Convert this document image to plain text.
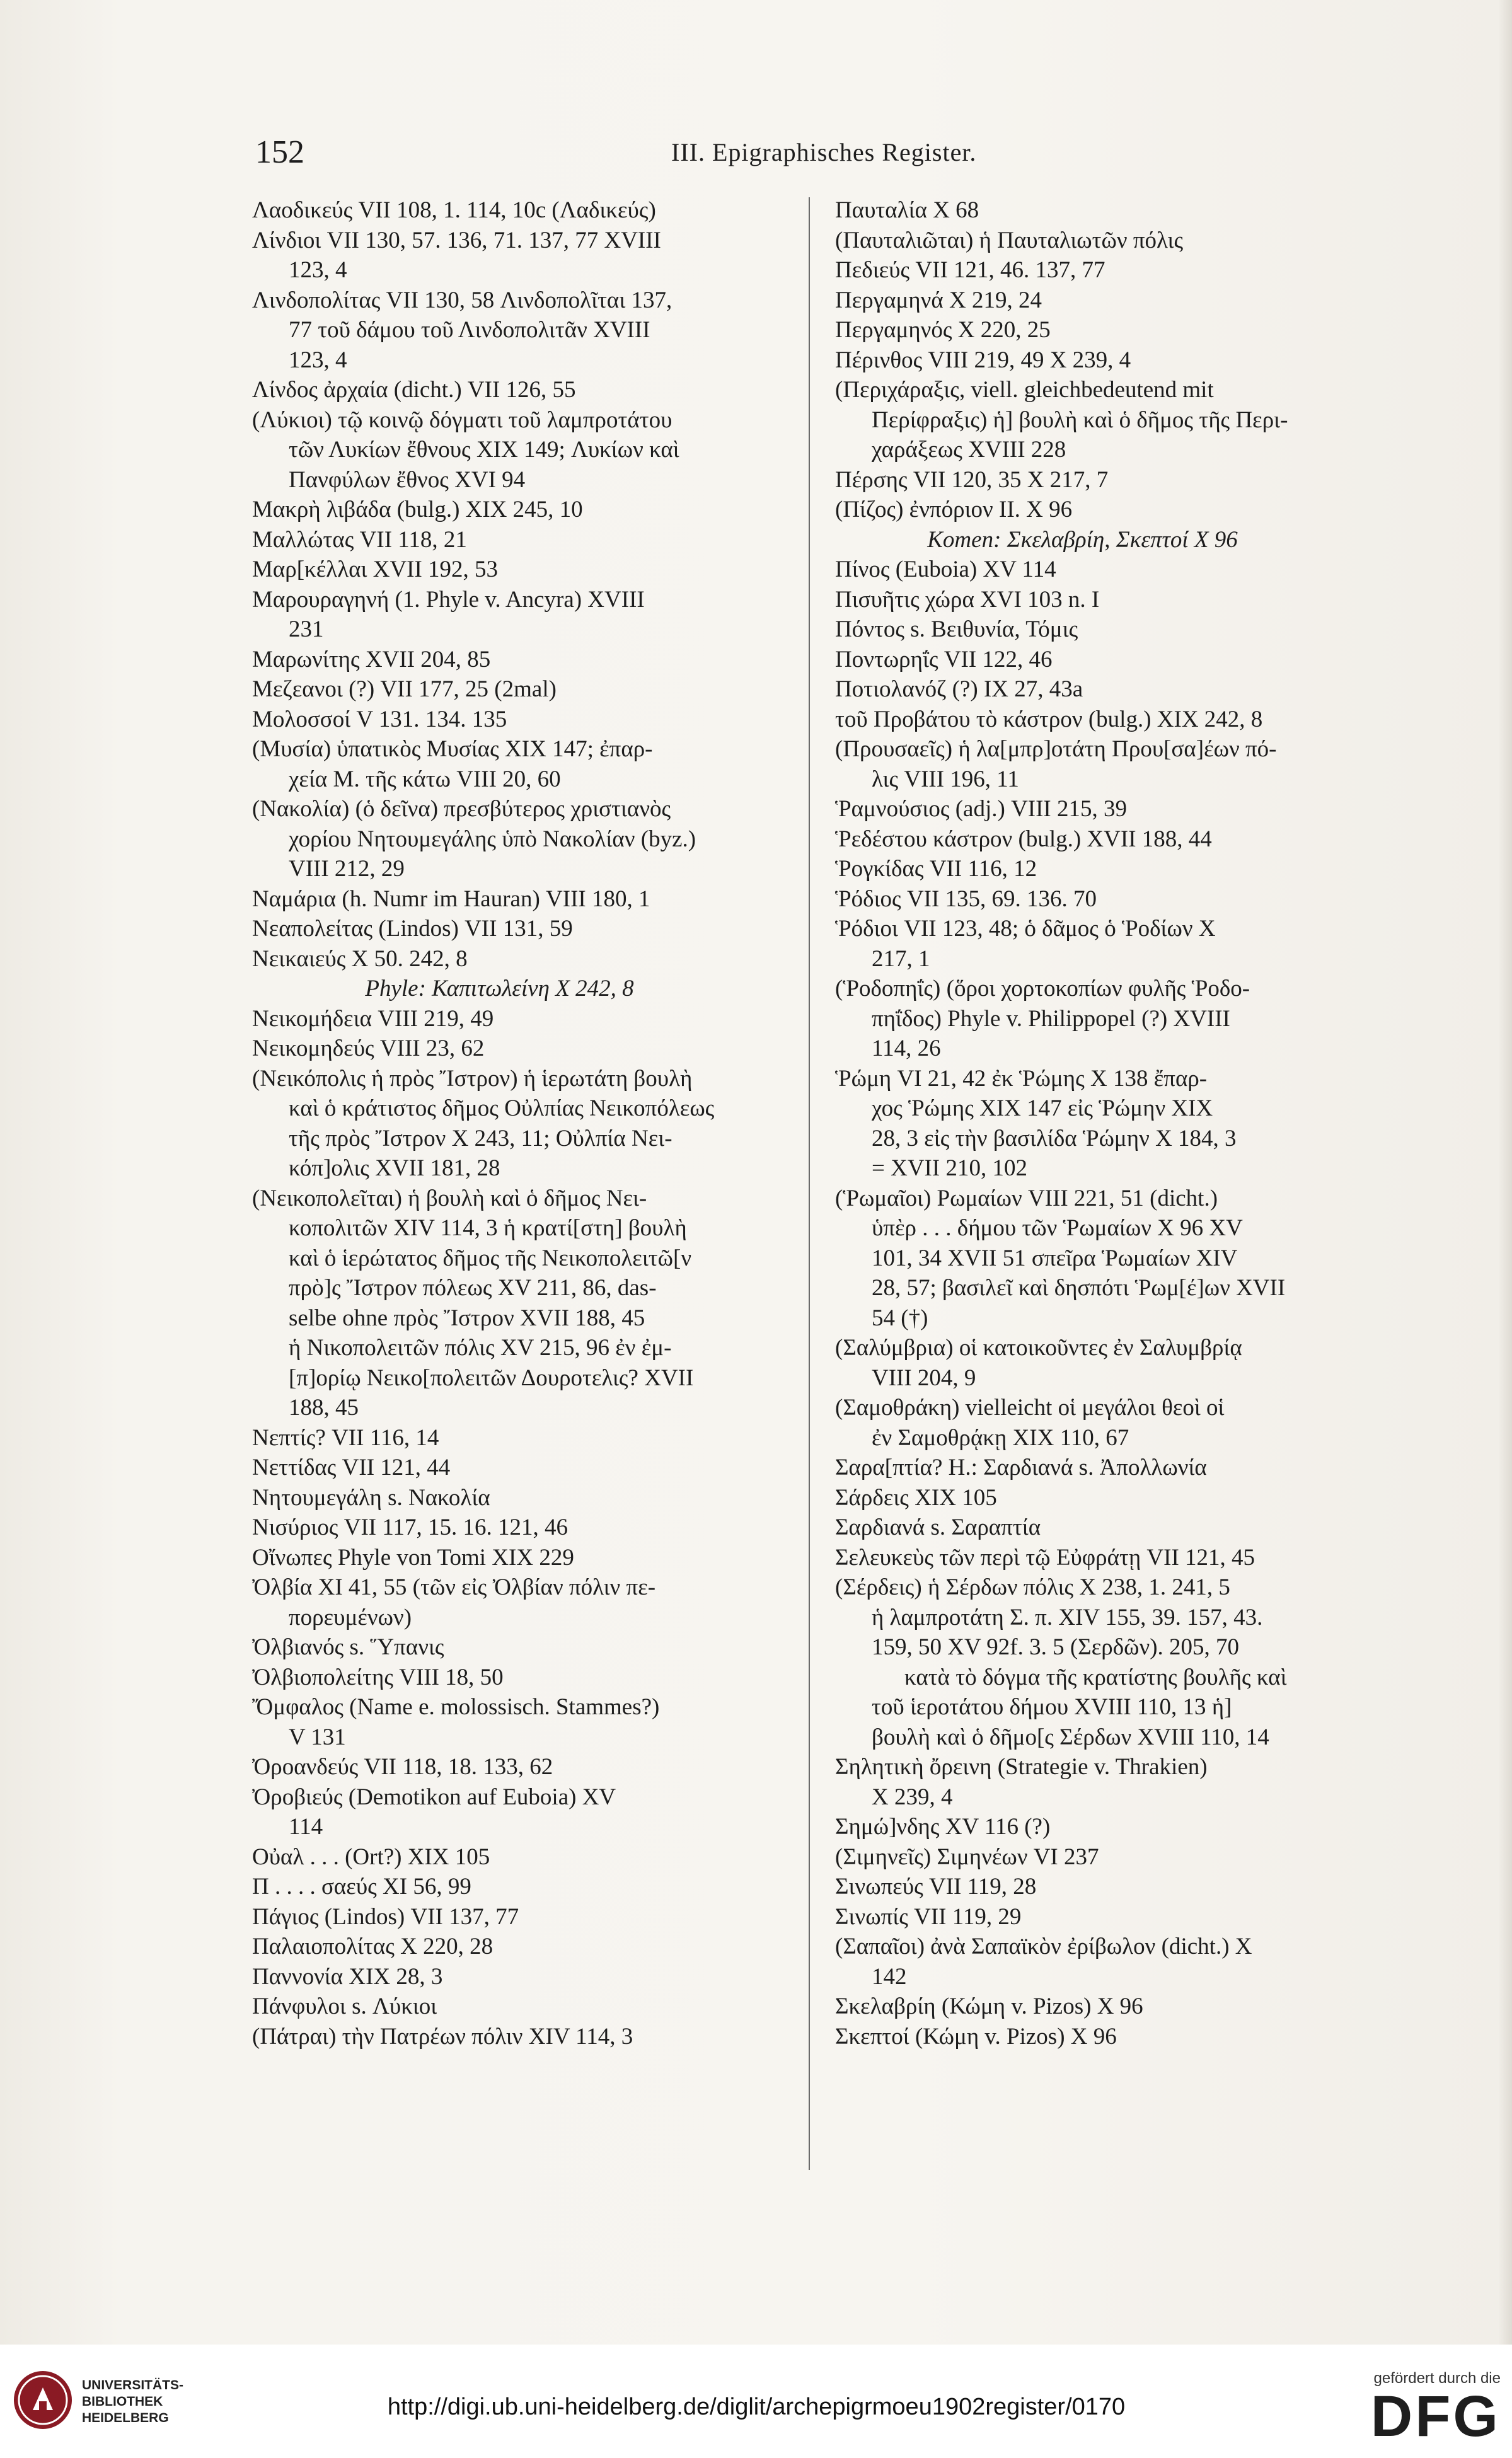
152	III. Epigraphisches Register.
Λαοδικεύς VII 108, 1. 114, 10c (Λαδικεύς)
Λίνδιοι VII 130, 57. 136, 71. 137, 77 XVIII
123, 4
Λινδοπολίτας VII 130, 58 Λινδοπολῖται 137,
77 τοῦ δάμου τοῦ Λινδοπολιτᾶν XVIII
123, 4
Λίνδος ἀρχαία (dicht.) VII 126, 55
(Λύκιοι) τῷ κοινῷ δόγματι τοῦ λαμπροτάτου
τῶν Λυκίων ἔθνους XIX 149; Λυκίων καὶ
Πανφύλων ἔθνος XVI 94
Μακρὴ λιβάδα (bulg.) XIX 245, 10
Μαλλώτας VII 118, 21
Μαρ[κέλλαι XVII 192, 53
Μαρουραγηνή (1. Phyle v. Ancyra) XVIII
231
Μαρωνίτης XVII 204, 85
Μεζεανοι (?) VII 177, 25 (2mal)
Μολοσσοί V 131. 134. 135
(Μυσία) ὑπατικὸς Μυσίας XIX 147; ἐπαρ-
χεία Μ. τῆς κάτω VIII 20, 60
(Νακολία) (ὁ δεῖνα) πρεσβύτερος χριστιανὸς
χορίου Νητουμεγάλης ὑπὸ Νακολίαν (byz.)
VIII 212, 29
Ναμάρια (h. Numr im Hauran) VIII 180, 1
Νεαπολείτας (Lindos) VII 131, 59
Νεικαιεύς X 50. 242, 8
Phyle: Καπιτωλείνη X 242, 8
Νεικομήδεια VIII 219, 49
Νεικομηδεύς VIII 23, 62
(Νεικόπολις ἡ πρὸς Ἴστρον) ἡ ἱερωτάτη βουλὴ
καὶ ὁ κράτιστος δῆμος Οὐλπίας Νεικοπόλεως
τῆς πρὸς Ἴστρον X 243, 11; Οὐλπία Νει-
κόπ]ολις XVII 181, 28
(Νεικοπολεῖται) ἡ βουλὴ καὶ ὁ δῆμος Νει-
κοπολιτῶν XIV 114, 3 ἡ κρατί[στη] βουλὴ
καὶ ὁ ἱερώτατος δῆμος τῆς Νεικοπολειτῶ[ν
πρὸ]ς Ἴστρον πόλεως XV 211, 86, das-
selbe ohne πρὸς Ἴστρον XVII 188, 45
ἡ Νικοπολειτῶν πόλις XV 215, 96 ἐν ἐμ-
[π]ορίῳ Νεικο[πολειτῶν Δουροτελις? XVII
188, 45
Νεπτίς? VII 116, 14
Νεττίδας VII 121, 44
Νητουμεγάλη s. Νακολία
Νισύριος VII 117, 15. 16. 121, 46
Οἴνωπες Phyle von Tomi XIX 229
Ὀλβία XI 41, 55 (τῶν εἰς Ὀλβίαν πόλιν πε-
πορευμένων)
Ὀλβιανός s. Ὕπανις
Ὀλβιοπολείτης VIII 18, 50
Ὄμφαλος (Name e. molossisch. Stammes?)
V 131
Ὀροανδεύς VII 118, 18. 133, 62
Ὀροβιεύς (Demotikon auf Euboia) XV
114
Οὐαλ . . . (Ort?) XIX 105
Π . . . . σαεύς XI 56, 99
Πάγιος (Lindos) VII 137, 77
Παλαιοπολίτας X 220, 28
Παννονία XIX 28, 3
Πάνφυλοι s. Λύκιοι
(Πάτραι) τὴν Πατρέων πόλιν XIV 114, 3
Παυταλία X 68
(Παυταλιῶται) ἡ Παυταλιωτῶν πόλις
Πεδιεύς VII 121, 46. 137, 77
Περγαμηνά X 219, 24
Περγαμηνός X 220, 25
Πέρινθος VIII 219, 49 X 239, 4
(Περιχάραξις, viell. gleichbedeutend mit
Περίφραξις) ἡ] βουλὴ καὶ ὁ δῆμος τῆς Περι-
χαράξεως XVIII 228
Πέρσης VII 120, 35 X 217, 7
(Πίζος) ἐνπόριον II. X 96
Komen: Σκελαβρίη, Σκεπτοί X 96
Πίνος (Euboia) XV 114
Πισυῆτις χώρα XVI 103 n. I
Πόντος s. Βειθυνία, Τόμις
Ποντωρηΐς VII 122, 46
Ποτιολανόζ (?) IX 27, 43a
τοῦ Προβάτου τὸ κάστρον (bulg.) XIX 242, 8
(Προυσαεῖς) ἡ λα[μπρ]οτάτη Πρου[σα]έων πό-
λις VIII 196, 11
Ῥαμνούσιος (adj.) VIII 215, 39
Ῥεδέστου κάστρον (bulg.) XVII 188, 44
Ῥογκίδας VII 116, 12
Ῥόδιος VII 135, 69. 136. 70
Ῥόδιοι VII 123, 48; ὁ δᾶμος ὁ Ῥοδίων X
217, 1
(Ῥοδοπηΐς) (ὅροι χορτοκοπίων φυλῆς Ῥοδο-
πηΐδος) Phyle v. Philippopel (?) XVIII
114, 26
Ῥώμη VI 21, 42 ἐκ Ῥώμης X 138 ἔπαρ-
χος Ῥώμης XIX 147 εἰς Ῥώμην XIX
28, 3 εἰς τὴν βασιλίδα Ῥώμην X 184, 3
= XVII 210, 102
(Ῥωμαῖοι) Ρωμαίων VIII 221, 51 (dicht.)
ὑπὲρ . . . δήμου τῶν Ῥωμαίων X 96 XV
101, 34 XVII 51 σπεῖρα Ῥωμαίων XIV
28, 57; βασιλεῖ καὶ δησπότι Ῥωμ[έ]ων XVII
54 (†)
(Σαλύμβρια) οἱ κατοικοῦντες ἐν Σαλυμβρίᾳ
VIII 204, 9
(Σαμοθράκη) vielleicht οἱ μεγάλοι θεοὶ οἱ
ἐν Σαμοθρᾴκῃ XIX 110, 67
Σαρα[πτία? H.: Σαρδιανά s. Ἀπολλωνία
Σάρδεις XIX 105
Σαρδιανά s. Σαραπτία
Σελευκεὺς τῶν περὶ τῷ Εὐφράτῃ VII 121, 45
(Σέρδεις) ἡ Σέρδων πόλις X 238, 1. 241, 5
ἡ λαμπροτάτη Σ. π. XIV 155, 39. 157, 43.
159, 50 XV 92f. 3. 5 (Σερδῶν). 205, 70
κατὰ τὸ δόγμα τῆς κρατίστης βουλῆς καὶ
τοῦ ἱεροτάτου δήμου XVIII 110, 13 ἡ]
βουλὴ καὶ ὁ δῆμο[ς Σέρδων XVIII 110, 14
Σηλητικὴ ὄρεινη (Strategie v. Thrakien)
X 239, 4
Σημώ]νδης XV 116 (?)
(Σιμηνεῖς) Σιμηνέων VI 237
Σινωπεύς VII 119, 28
Σινωπίς VII 119, 29
(Σαπαῖοι) ἀνὰ Σαπαϊκὸν ἐρίβωλον (dicht.) X
142
Σκελαβρίη (Κώμη v. Pizos) X 96
Σκεπτοί (Κώμη v. Pizos) X 96
UNIVERSITÄTS-
BIBLIOTHEK
HEIDELBERG	http://digi.ub.uni-heidelberg.de/diglit/archepigrmoeu1902register/0170
gefördert durch die
DFG
